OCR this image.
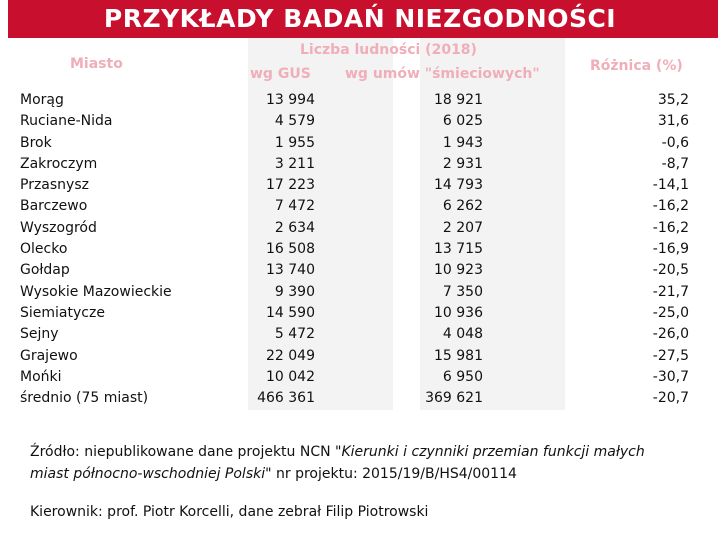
PRZYKŁADY BADAŃ NIEZGODNOŚCI
Miasto
Liczba ludności (2018)
wg GUS wg umów "śmieciowych"	Różnica (%)
Morąg
Ruciane-Nida
Brok
Zakroczym
Przasnysz
Barczewo
Wyszogród
Olecko
Gołdap
Wysokie Mazowieckie
Siemiatycze
Sejny
Grajewo
Mońki
średnio (75 miast)
13 994
4 579
1 955
3 211
17 223
7 472
2 634
16 508
13 740
9 390
14 590
5 472
22 049
10 042
466 361
18 921
6 025
1 943
2 931
14 793
6 262
2 207
13 715
10 923
7 350
10 936
4 048
15 981
6 950
369 621
35,2
31,6
-0,6
-8,7
-14,1
-16,2
-16,2
-16,9
-20,5
-21,7
-25,0
-26,0
-27,5
-30,7
-20,7
Źródło: niepublikowane dane projektu NCN "Kierunki i czynniki przemian funkcji małych
miast północno-wschodniej Polski" nr projektu: 2015/19/B/HS4/00114
Kierownik: prof. Piotr Korcelli, dane zebrał Filip Piotrowski
